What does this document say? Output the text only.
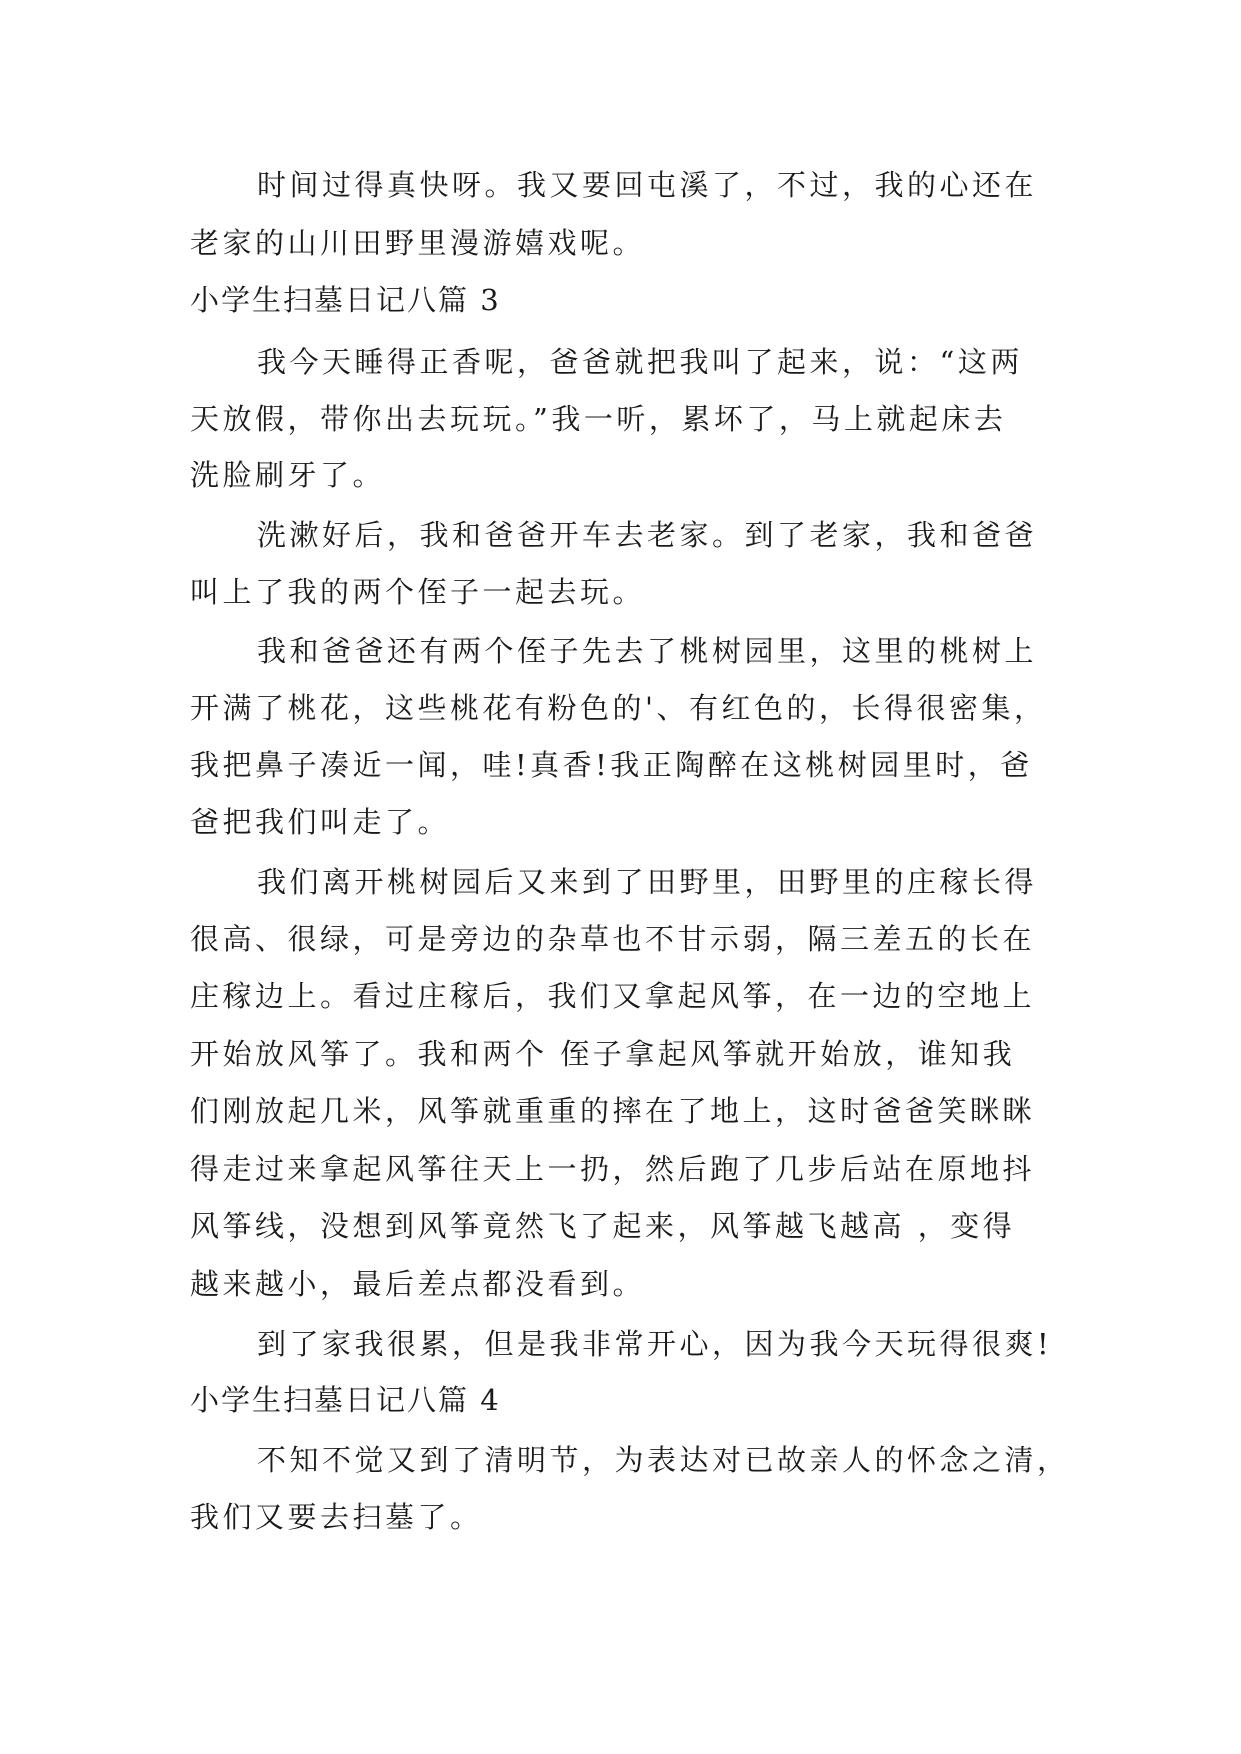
时间过得真快呀。我又要回屯溪了，不过，我的心还在
老家的山川田野里漫游嬉戏呢。
小学生扫墓日记八篇 3
我今天睡得正香呢，爸爸就把我叫了起来，说：“这两
天放假，带你出去玩玩。”我一听，累坏了，马上就起床去
洗脸刷牙了。
洗漱好后，我和爸爸开车去老家。到了老家，我和爸爸
叫上了我的两个侄子一起去玩。
我和爸爸还有两个侄子先去了桃树园里，这里的桃树上
开满了桃花，这些桃花有粉色的'、有红色的，长得很密集，
我把鼻子凑近一闻，哇!真香!我正陶醉在这桃树园里时，爸
爸把我们叫走了。
我们离开桃树园后又来到了田野里，田野里的庄稼长得
很高、很绿，可是旁边的杂草也不甘示弱，隔三差五的长在
庄稼边上。看过庄稼后，我们又拿起风筝，在一边的空地上
开始放风筝了。我和两个 侄子拿起风筝就开始放，谁知我
们刚放起几米，风筝就重重的摔在了地上，这时爸爸笑眯眯
得走过来拿起风筝往天上一扔，然后跑了几步后站在原地抖
风筝线，没想到风筝竟然飞了起来，风筝越飞越高 ，变得
越来越小，最后差点都没看到。
到了家我很累，但是我非常开心，因为我今天玩得很爽!
小学生扫墓日记八篇 4
不知不觉又到了清明节，为表达对已故亲人的怀念之清，
我们又要去扫墓了。
